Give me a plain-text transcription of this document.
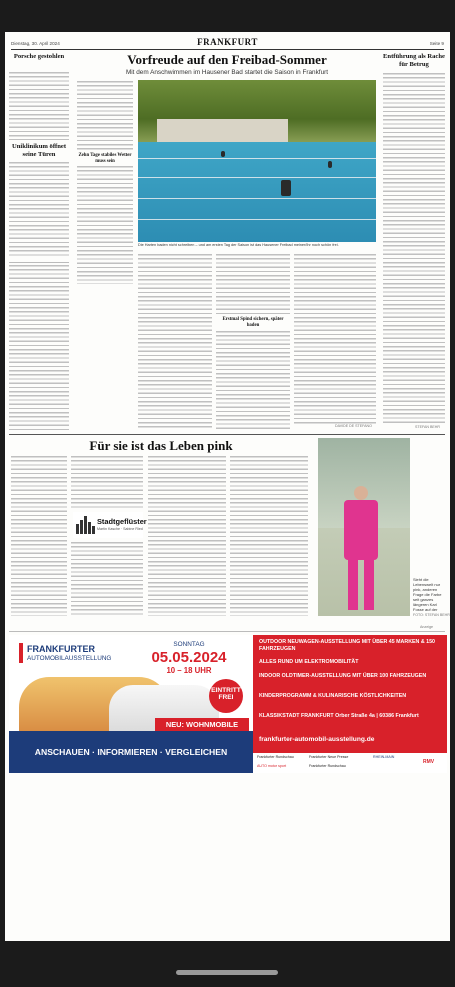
Dienstag, 30. April 2024	FRANKFURT	Seite 9
Porsche gestohlen
Uniklinikum öffnet seine Türen
Vorfreude auf den Freibad-Sommer
Mit dem Anschwimmen im Hausener Bad startet die Saison in Frankfurt
Zehn Tage stabiles Wetter muss sein
Die Harten baden nicht schreiben – und am ersten Tag der Saison ist das Hausener Freibad meiner/Ihr noch schön frei.
Erstmal Spind sichern, später baden
DAVIDE DE STEFANO
Entführung als Rache für Betrug
STEFAN BEHR
Für sie ist das Leben pink
Stadtgeflüster
Martin Kasche · Sabine Ried
Sieht die Lebenswelt nur pink, anderen Frage die Farbe seit ganzes längeren Karl Fosse auf der
FOTO: STEFAN BEHR
Anzeige
FRANKFURTER
AUTOMOBILAUSSTELLUNG
SONNTAG
05.05.2024
10 – 18 UHR
EINTRITT FREI
NEU: WOHNMOBILE
ANSCHAUEN · INFORMIEREN · VERGLEICHEN
OUTDOOR NEUWAGEN-AUSSTELLUNG MIT ÜBER 45 MARKEN & 150 FAHRZEUGEN
ALLES RUND UM ELEKTROMOBILITÄT
INDOOR OLDTIMER-AUSSTELLUNG MIT ÜBER 100 FAHRZEUGEN
KINDERPROGRAMM & KULINARISCHE KÖSTLICHKEITEN
KLASSIKSTADT FRANKFURT Orber Straße 4a | 60386 Frankfurt
frankfurter-automobil-ausstellung.de
Frankfurter Rundschau	Frankfurter Neue Presse	RHEIN-MAIN
AUTO motor sport	Frankfurter Rundschau
RMV
